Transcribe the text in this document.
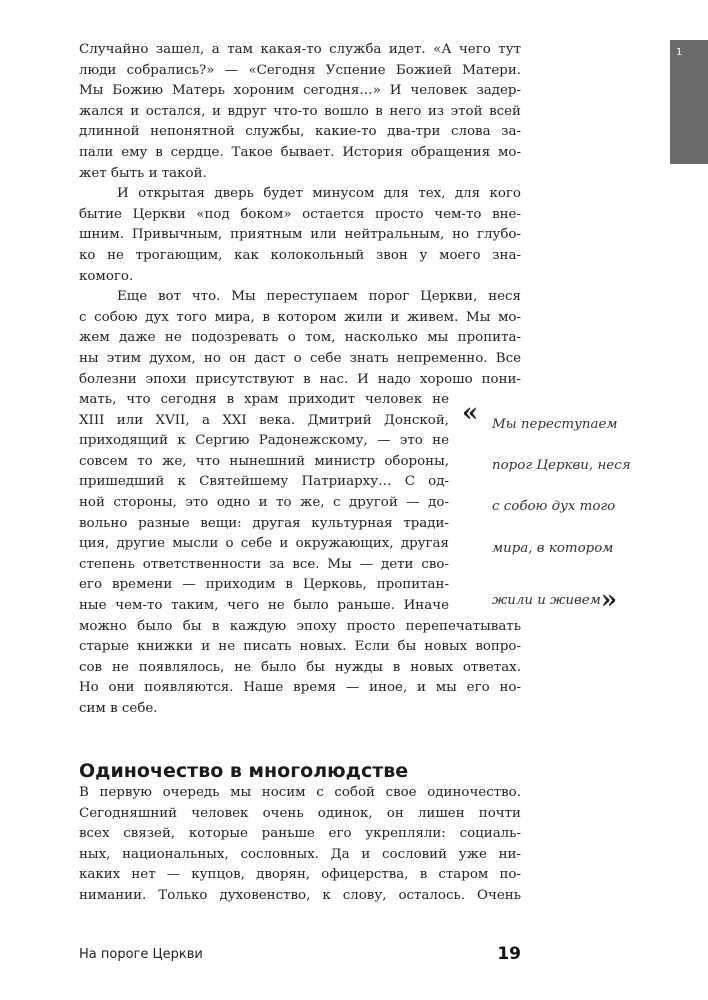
1

Случайно зашел, а там какая-то служба идет. «А чего тут
люди собрались?» — «Сегодня Успение Божией Матери.
Мы Божию Матерь хороним сегодня…» И человек задер-
жался и остался, и вдруг что-то вошло в него из этой всей
длинной непонятной службы, какие-то два-три слова за-
пали ему в сердце. Такое бывает. История обращения мо-
жет быть и такой.

И открытая дверь будет минусом для тех, для кого
бытие Церкви «под боком» остается просто чем-то вне-
шним. Привычным, приятным или нейтральным, но глубо-
ко не трогающим, как колокольный звон у моего зна-
комого.

Еще вот что. Мы переступаем порог Церкви, неся
с собою дух того мира, в котором жили и живем. Мы мо-
жем даже не подозревать о том, насколько мы пропита-
ны этим духом, но он даст о себе знать непременно. Все
болезни эпохи присутствуют в нас. И надо хорошо пони-
мать, что сегодня в храм приходит человек не
XIII или XVII, а XXI века. Дмитрий Донской,
приходящий к Сергию Радонежскому, — это не
совсем то же, что нынешний министр обороны,
пришедший к Святейшему Патриарху… С од-
ной стороны, это одно и то же, с другой — до-
вольно разные вещи: другая культурная тради-
ция, другие мысли о себе и окружающих, другая
степень ответственности за все. Мы — дети сво-
его времени — приходим в Церковь, пропитан-
ные чем-то таким, чего не было раньше. Иначе
можно было бы в каждую эпоху просто перепечатывать
старые книжки и не писать новых. Если бы новых вопро-
сов не появлялось, не было бы нужды в новых ответах.
Но они появляются. Наше время — иное, и мы его но-
сим в себе.

« Мы переступаем
порог Церкви, неся
с собою дух того
мира, в котором
жили и живем»
Одиночество в многолюдстве

В первую очередь мы носим с собой свое одиночество.
Сегодняшний человек очень одинок, он лишен почти
всех связей, которые раньше его укрепляли: социаль-
ных, национальных, сословных. Да и сословий уже ни-
каких нет — купцов, дворян, офицерства, в старом по-
нимании. Только духовенство, к слову, осталось. Очень

На пороге Церкви	19
